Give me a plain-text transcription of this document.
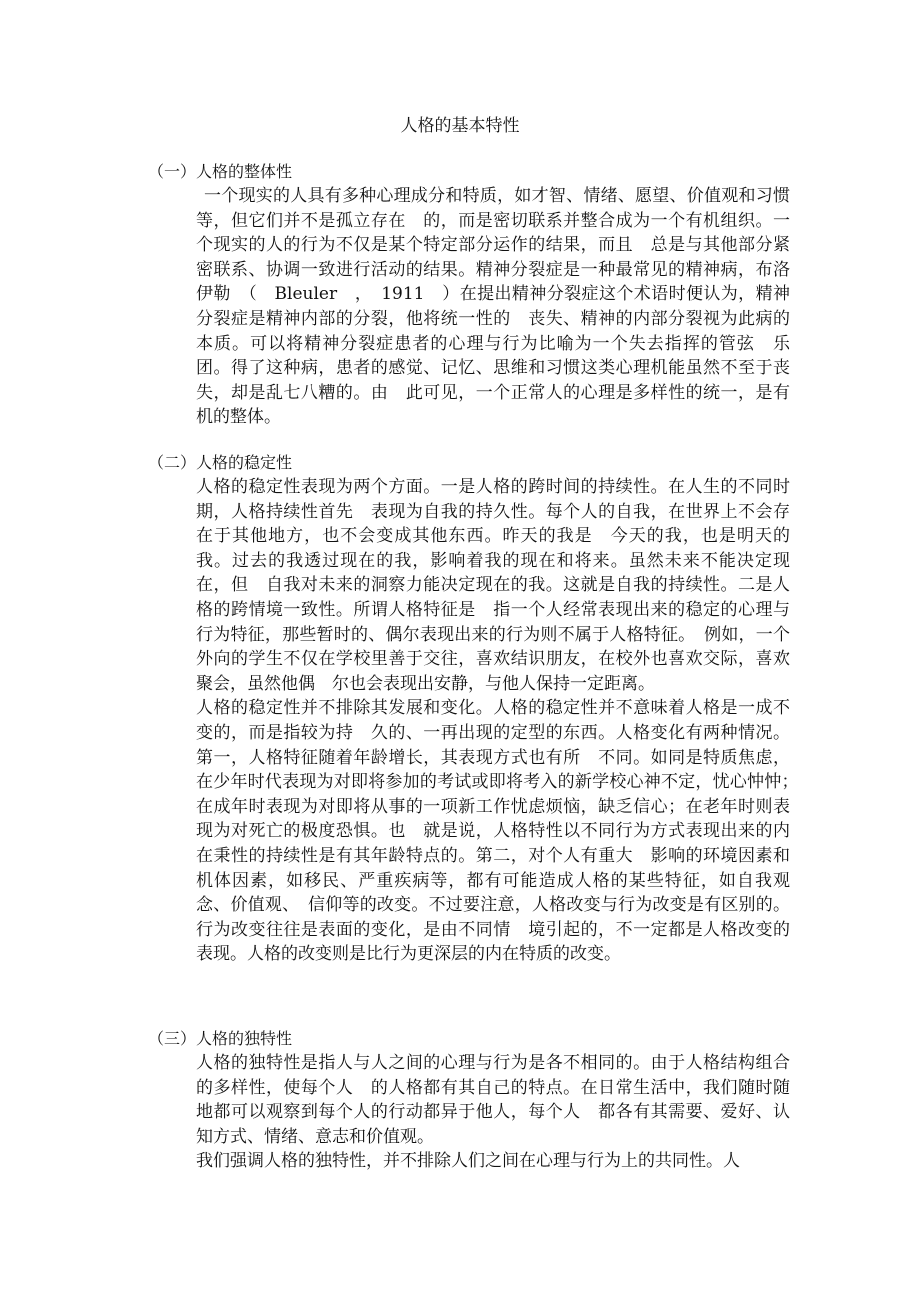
人格的基本特性
（一）人格的整体性

一个现实的人具有多种心理成分和特质，如才智、情绪、愿望、价值观和习惯等，但它们并不是孤立存在　的，而是密切联系并整合成为一个有机组织。一个现实的人的行为不仅是某个特定部分运作的结果，而且　总是与其他部分紧密联系、协调一致进行活动的结果。精神分裂症是一种最常见的精神病，布洛伊勒　（　Bleuler　，　1911　）在提出精神分裂症这个术语时便认为，精神分裂症是精神内部的分裂，他将统一性的　丧失、精神的内部分裂视为此病的本质。可以将精神分裂症患者的心理与行为比喻为一个失去指挥的管弦　乐团。得了这种病，患者的感觉、记忆、思维和习惯这类心理机能虽然不至于丧失，却是乱七八糟的。由　此可见，一个正常人的心理是多样性的统一，是有机的整体。

（二）人格的稳定性

人格的稳定性表现为两个方面。一是人格的跨时间的持续性。在人生的不同时期，人格持续性首先　表现为自我的持久性。每个人的自我，在世界上不会存在于其他地方，也不会变成其他东西。昨天的我是　今天的我，也是明天的我。过去的我透过现在的我，影响着我的现在和将来。虽然未来不能决定现在，但　自我对未来的洞察力能决定现在的我。这就是自我的持续性。二是人格的跨情境一致性。所谓人格特征是　指一个人经常表现出来的稳定的心理与行为特征，那些暂时的、偶尔表现出来的行为则不属于人格特征。　例如，一个外向的学生不仅在学校里善于交往，喜欢结识朋友，在校外也喜欢交际，喜欢聚会，虽然他偶　尔也会表现出安静，与他人保持一定距离。

人格的稳定性并不排除其发展和变化。人格的稳定性并不意味着人格是一成不变的，而是指较为持　久的、一再出现的定型的东西。人格变化有两种情况。第一，人格特征随着年龄增长，其表现方式也有所　不同。如同是特质焦虑，在少年时代表现为对即将参加的考试或即将考入的新学校心神不定，忧心忡忡；　在成年时表现为对即将从事的一项新工作忧虑烦恼，缺乏信心；在老年时则表现为对死亡的极度恐惧。也　就是说，人格特性以不同行为方式表现出来的内在秉性的持续性是有其年龄特点的。第二，对个人有重大　影响的环境因素和机体因素，如移民、严重疾病等，都有可能造成人格的某些特征，如自我观念、价值观、　信仰等的改变。不过要注意，人格改变与行为改变是有区别的。行为改变往往是表面的变化，是由不同情　境引起的，不一定都是人格改变的表现。人格的改变则是比行为更深层的内在特质的改变。

（三）人格的独特性

人格的独特性是指人与人之间的心理与行为是各不相同的。由于人格结构组合的多样性，使每个人　的人格都有其自己的特点。在日常生活中，我们随时随地都可以观察到每个人的行动都异于他人，每个人　都各有其需要、爱好、认知方式、情绪、意志和价值观。

我们强调人格的独特性，并不排除人们之间在心理与行为上的共同性。人
